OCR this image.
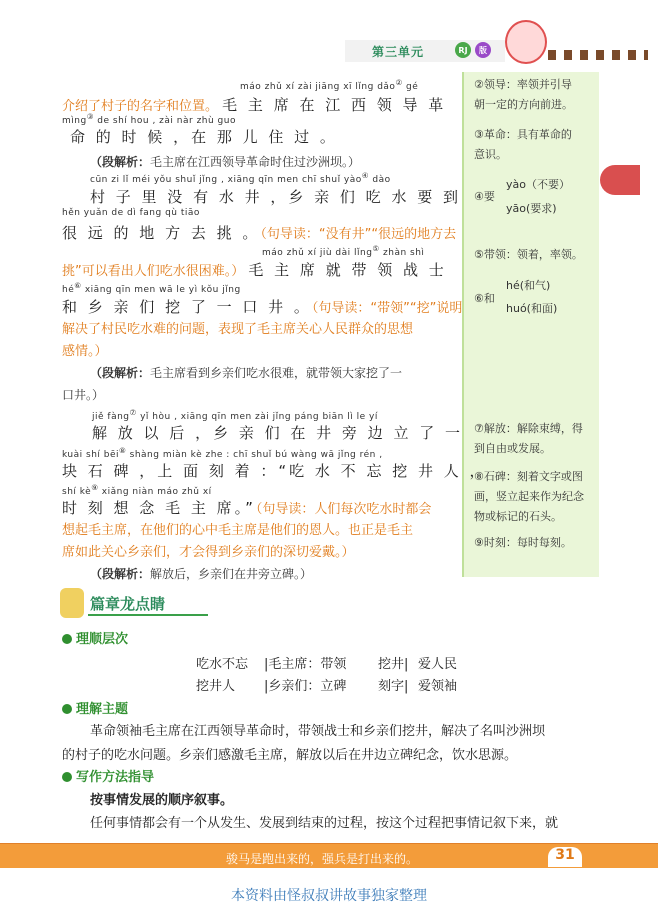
第三单元	RJ	版
②领导：率领并引导
朝一定的方向前进。
③革命：具有革命的
意识。
④要
yào（不要）
yāo(要求)
⑤带领：领着，率领。
⑥和
hé(和气)
huó(和面)
⑦解放：解除束缚，得
到自由或发展。
⑧石碑：刻着文字或图
画，竖立起来作为纪念
物或标记的石头。
⑨时刻：每时每刻。
máo zhǔ xí zài jiāng xī lǐng dǎo② gé
介绍了村子的名字和位置。 毛 主 席 在 江 西 领 导 革
mìng③ de shí hou , zài nàr zhù guo
命 的 时 候 ，在 那 儿 住 过 。
（段解析：毛主席在江西领导革命时住过沙洲坝。）
cūn zi lǐ méi yǒu shuǐ jǐng , xiāng qīn men chī shuǐ yào④ dào
村 子 里 没 有 水 井 ，乡 亲 们 吃 水 要 到
hěn yuǎn de dì fang qù tiāo
很 远 的 地 方 去 挑 。（句导读：“没有井”“很远的地方去
máo zhǔ xí jiù dài lǐng⑤ zhàn shì
挑”可以看出人们吃水很困难。） 毛 主 席 就 带 领 战 士
hé⑥ xiāng qīn men wā le yì kǒu jǐng
和 乡 亲 们 挖 了 一 口 井 。（句导读：“带领”“挖”说明
解决了村民吃水难的问题，表现了毛主席关心人民群众的思想
感情。）
（段解析：毛主席看到乡亲们吃水很难，就带领大家挖了一
口井。）
jiě fàng⑦ yǐ hòu , xiāng qīn men zài jǐng páng biān lì le yí
解 放 以 后 ，乡 亲 们 在 井 旁 边 立 了 一
kuài shí bēi⑧ shàng miàn kè zhe : chī shuǐ bú wàng wā jǐng rén ,
块 石 碑 ，上 面 刻 着 ：“吃 水 不 忘 挖 井 人 ，
shí kè⑨ xiǎng niàn máo zhǔ xí
时 刻 想 念 毛 主 席。”（句导读：人们每次吃水时都会
想起毛主席，在他们的心中毛主席是他们的恩人。也正是毛主
席如此关心乡亲们，才会得到乡亲们的深切爱戴。）
（段解析：解放后，乡亲们在井旁立碑。）
篇章龙点睛
理顺层次
吃水不忘 |毛主席：带领 挖井| 爱人民
挖井人 |乡亲们：立碑 刻字| 爱领袖
理解主题
革命领袖毛主席在江西领导革命时，带领战士和乡亲们挖井，解决了名叫沙洲坝
的村子的吃水问题。乡亲们感激毛主席，解放以后在井边立碑纪念，饮水思源。
写作方法指导
按事情发展的顺序叙事。
任何事情都会有一个从发生、发展到结束的过程，按这个过程把事情记叙下来，就
骏马是跑出来的，强兵是打出来的。	31
本资料由怪叔叔讲故事独家整理
